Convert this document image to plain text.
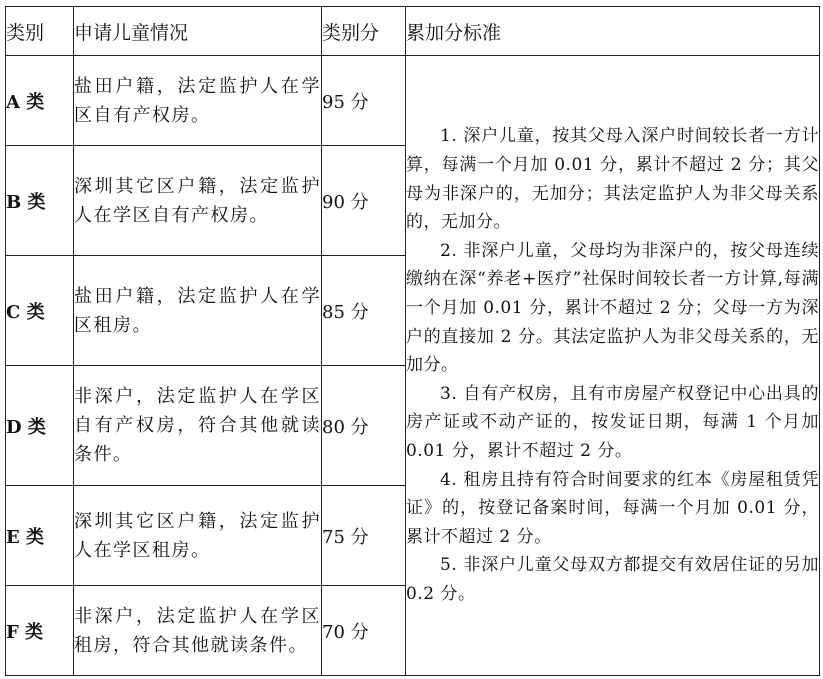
类别	申请儿童情况	类别分	累加分标准
A 类	盐田户籍，法定监护人在学区自有产权房。	95 分	1. 深户儿童，按其父母入深户时间较长者一方计算，每满一个月加 0.01 分，累计不超过 2 分；其父母为非深户的，无加分；其法定监护人为非父母关系的，无加分。

2. 非深户儿童，父母均为非深户的，按父母连续缴纳在深“养老+医疗”社保时间较长者一方计算,每满一个月加 0.01 分，累计不超过 2 分；父母一方为深户的直接加 2 分。其法定监护人为非父母关系的，无加分。

3. 自有产权房，且有市房屋产权登记中心出具的房产证或不动产证的，按发证日期，每满 1 个月加 0.01 分，累计不超过 2 分。

4. 租房且持有符合时间要求的红本《房屋租赁凭证》的，按登记备案时间，每满一个月加 0.01 分，累计不超过 2 分。

5. 非深户儿童父母双方都提交有效居住证的另加 0.2 分。

B 类	深圳其它区户籍，法定监护人在学区自有产权房。	90 分	
C 类	盐田户籍，法定监护人在学区租房。	85 分	
D 类	非深户，法定监护人在学区自有产权房，符合其他就读条件。	80 分	
E 类	深圳其它区户籍，法定监护人在学区租房。	75 分	
F 类	非深户，法定监护人在学区租房，符合其他就读条件。	70 分	
